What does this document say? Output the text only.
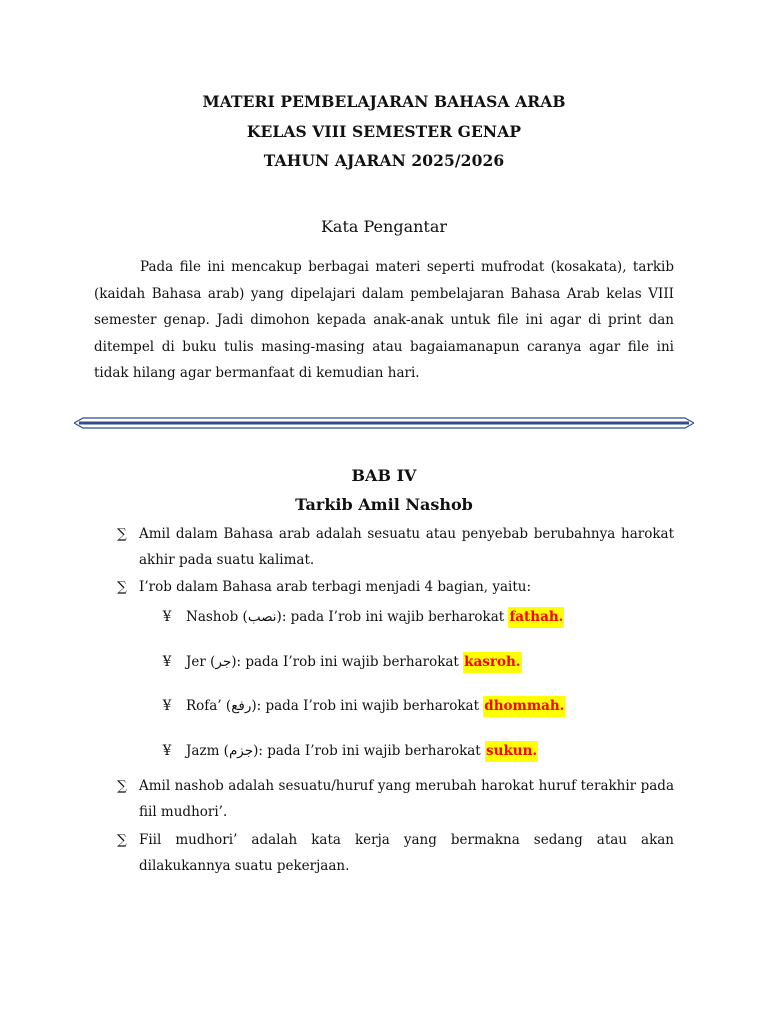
MATERI PEMBELAJARAN BAHASA ARAB
KELAS VIII SEMESTER GENAP
TAHUN AJARAN 2025/2026
Kata Pengantar

Pada file ini mencakup berbagai materi seperti mufrodat (kosakata), tarkib (kaidah Bahasa arab) yang dipelajari dalam pembelajaran Bahasa Arab kelas VIII semester genap. Jadi dimohon kepada anak-anak untuk file ini agar di print dan ditempel di buku tulis masing-masing atau bagaiamanapun caranya agar file ini tidak hilang agar bermanfaat di kemudian hari.

BAB IV
Tarkib Amil Nashob
∑ Amil dalam Bahasa arab adalah sesuatu atau penyebab berubahnya harokat akhir pada suatu kalimat.
∑ I’rob dalam Bahasa arab terbagi menjadi 4 bagian, yaitu:
¥ Nashob (نصب): pada I’rob ini wajib berharokat fathah.
¥ Jer (جر): pada I’rob ini wajib berharokat kasroh.
¥ Rofa’ (رفع): pada I’rob ini wajib berharokat dhommah.
¥ Jazm (جزم): pada I’rob ini wajib berharokat sukun.
∑ Amil nashob adalah sesuatu/huruf yang merubah harokat huruf terakhir pada fiil mudhori’.
∑ Fiil mudhori’ adalah kata kerja yang bermakna sedang atau akan dilakukannya suatu pekerjaan.
